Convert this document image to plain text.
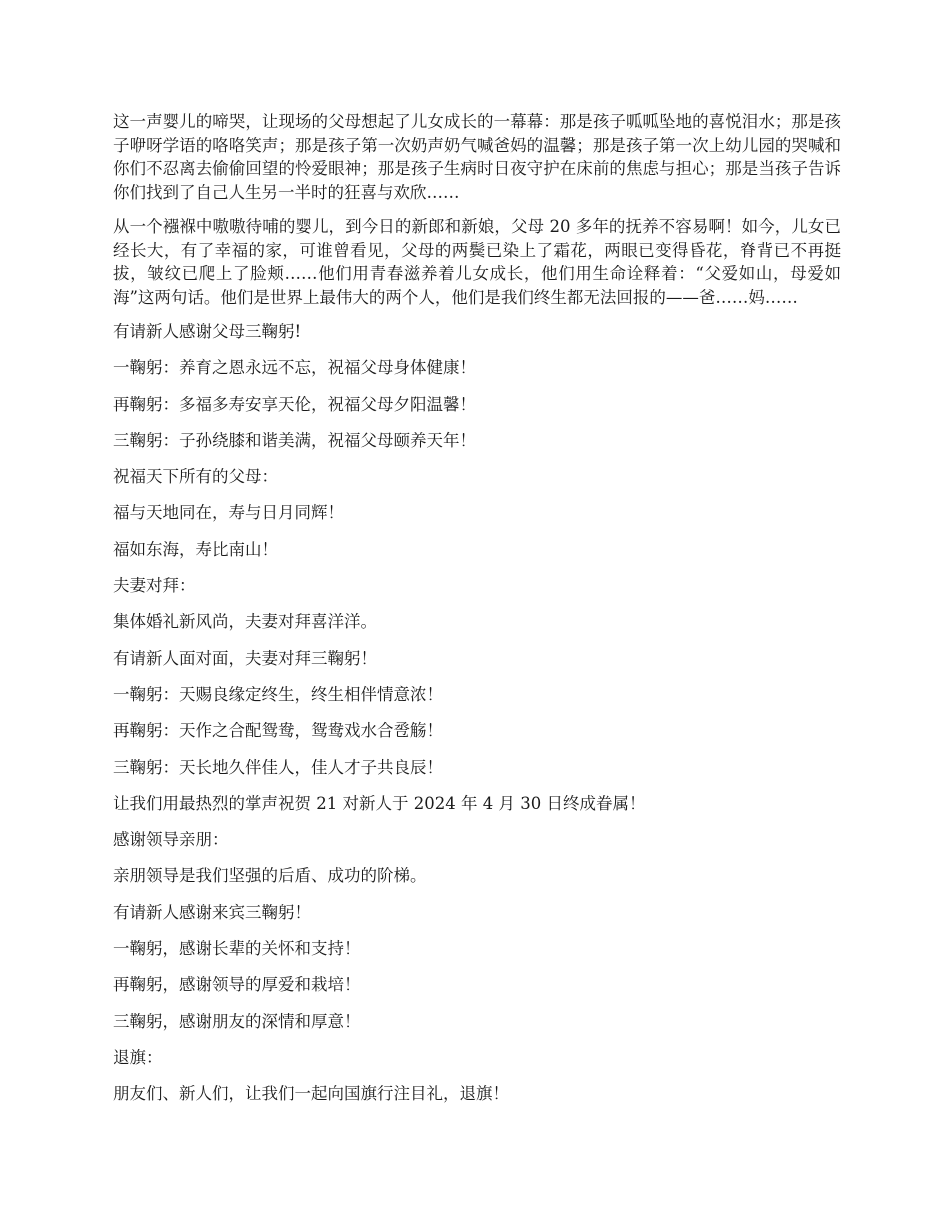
这一声婴儿的啼哭，让现场的父母想起了儿女成长的一幕幕：那是孩子呱呱坠地的喜悦泪水；那是孩子咿呀学语的咯咯笑声；那是孩子第一次奶声奶气喊爸妈的温馨；那是孩子第一次上幼儿园的哭喊和你们不忍离去偷偷回望的怜爱眼神；那是孩子生病时日夜守护在床前的焦虑与担心；那是当孩子告诉你们找到了自己人生另一半时的狂喜与欢欣……

从一个襁褓中嗷嗷待哺的婴儿，到今日的新郎和新娘，父母 20 多年的抚养不容易啊！如今，儿女已经长大，有了幸福的家，可谁曾看见，父母的两鬓已染上了霜花，两眼已变得昏花，脊背已不再挺拔，皱纹已爬上了脸颊……他们用青春滋养着儿女成长，他们用生命诠释着：“父爱如山，母爱如海”这两句话。他们是世界上最伟大的两个人，他们是我们终生都无法回报的——爸……妈……

有请新人感谢父母三鞠躬!

一鞠躬：养育之恩永远不忘，祝福父母身体健康！

再鞠躬：多福多寿安享天伦，祝福父母夕阳温馨！

三鞠躬：子孙绕膝和谐美满，祝福父母颐养天年！

祝福天下所有的父母：

福与天地同在，寿与日月同辉！

福如东海，寿比南山！

夫妻对拜：

集体婚礼新风尚，夫妻对拜喜洋洋。

有请新人面对面，夫妻对拜三鞠躬！

一鞠躬：天赐良缘定终生，终生相伴情意浓！

再鞠躬：天作之合配鸳鸯，鸳鸯戏水合卺觞！

三鞠躬：天长地久伴佳人，佳人才子共良辰！

让我们用最热烈的掌声祝贺 21 对新人于 2024 年 4 月 30 日终成眷属！

感谢领导亲朋：

亲朋领导是我们坚强的后盾、成功的阶梯。

有请新人感谢来宾三鞠躬！

一鞠躬，感谢长辈的关怀和支持！

再鞠躬，感谢领导的厚爱和栽培！

三鞠躬，感谢朋友的深情和厚意！

退旗：

朋友们、新人们，让我们一起向国旗行注目礼，退旗！
